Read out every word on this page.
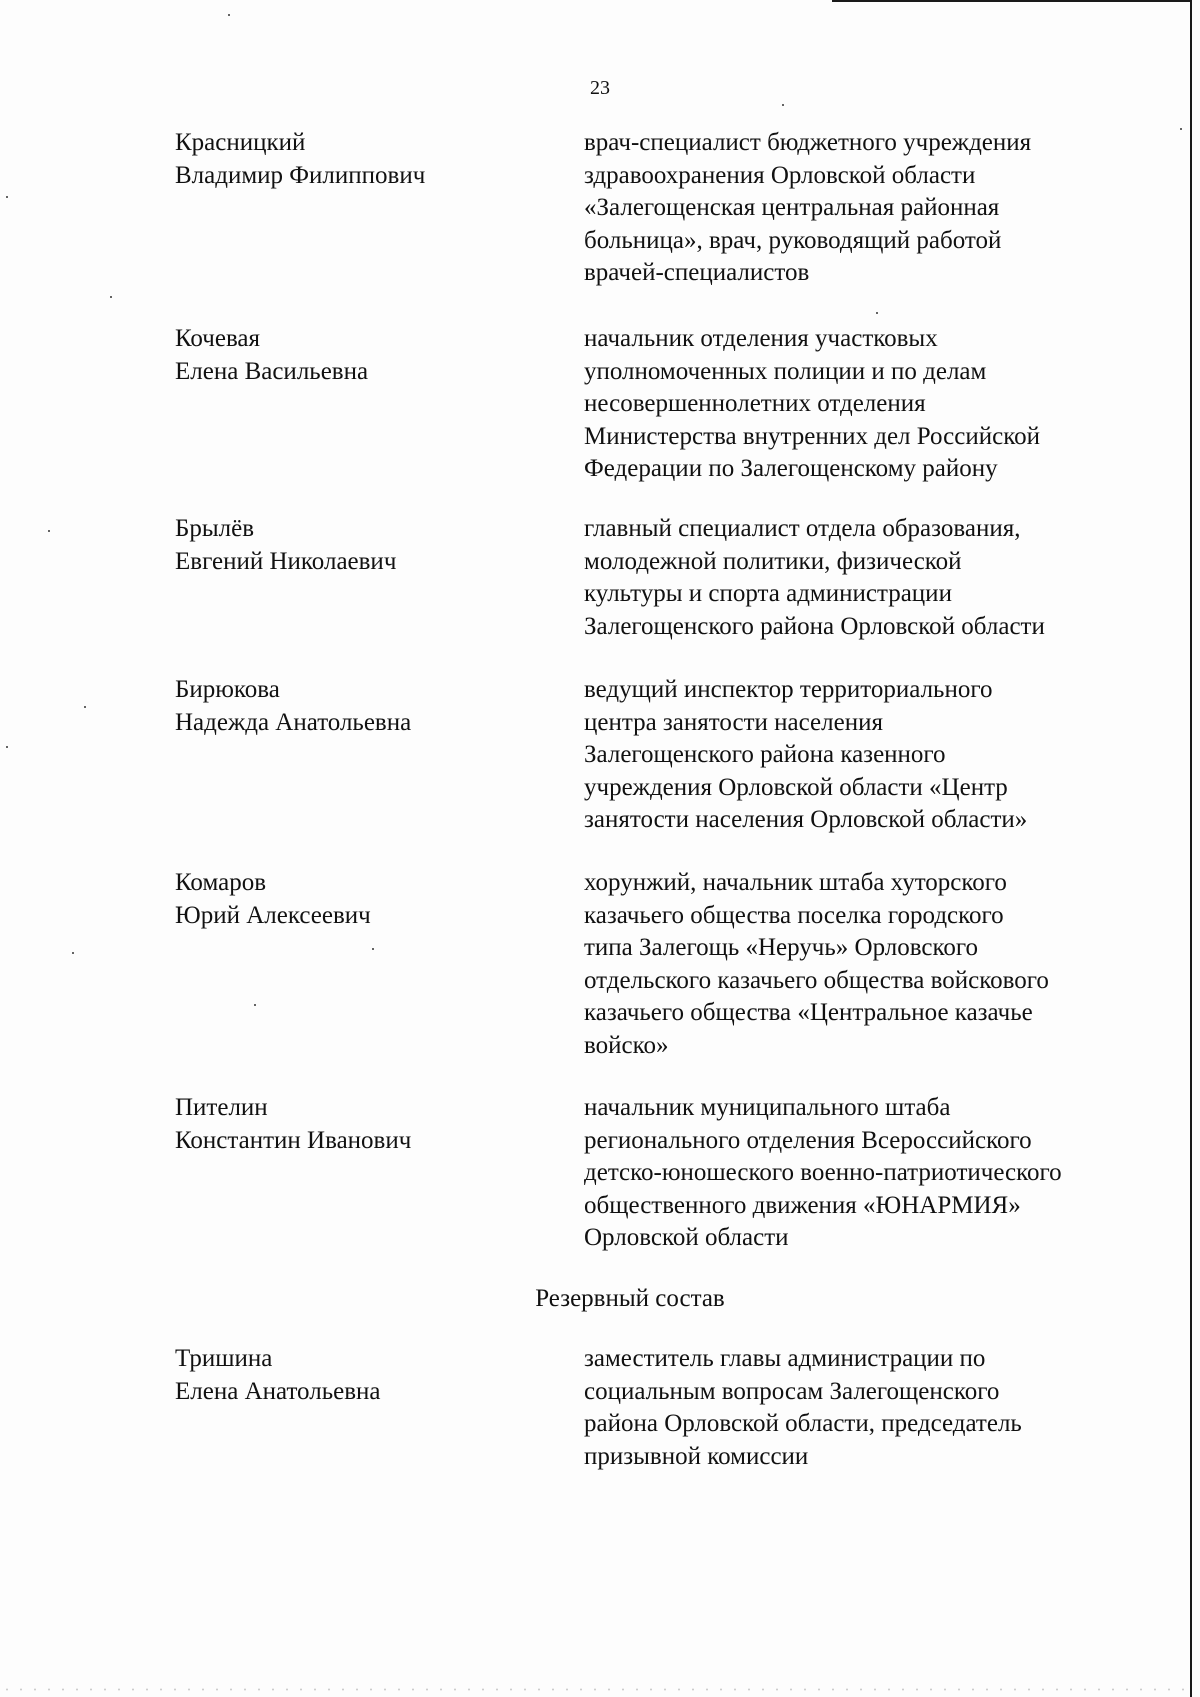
23
Красницкий
Владимир Филиппович
врач-специалист бюджетного учреждения
здравоохранения Орловской области
«Залегощенская центральная районная
больница», врач, руководящий работой
врачей-специалистов
Кочевая
Елена Васильевна
начальник отделения участковых
уполномоченных полиции и по делам
несовершеннолетних отделения
Министерства внутренних дел Российской
Федерации по Залегощенскому району
Брылёв
Евгений Николаевич
главный специалист отдела образования,
молодежной политики, физической
культуры и спорта администрации
Залегощенского района Орловской области
Бирюкова
Надежда Анатольевна
ведущий инспектор территориального
центра занятости населения
Залегощенского района казенного
учреждения Орловской области «Центр
занятости населения Орловской области»
Комаров
Юрий Алексеевич
хорунжий, начальник штаба хуторского
казачьего общества поселка городского
типа Залегощь «Неручь» Орловского
отдельского казачьего общества войскового
казачьего общества «Центральное казачье
войско»
Пителин
Константин Иванович
начальник муниципального штаба
регионального отделения Всероссийского
детско-юношеского военно-патриотического
общественного движения «ЮНАРМИЯ»
Орловской области
Резервный состав
Тришина
Елена Анатольевна
заместитель главы администрации по
социальным вопросам Залегощенского
района Орловской области, председатель
призывной комиссии
